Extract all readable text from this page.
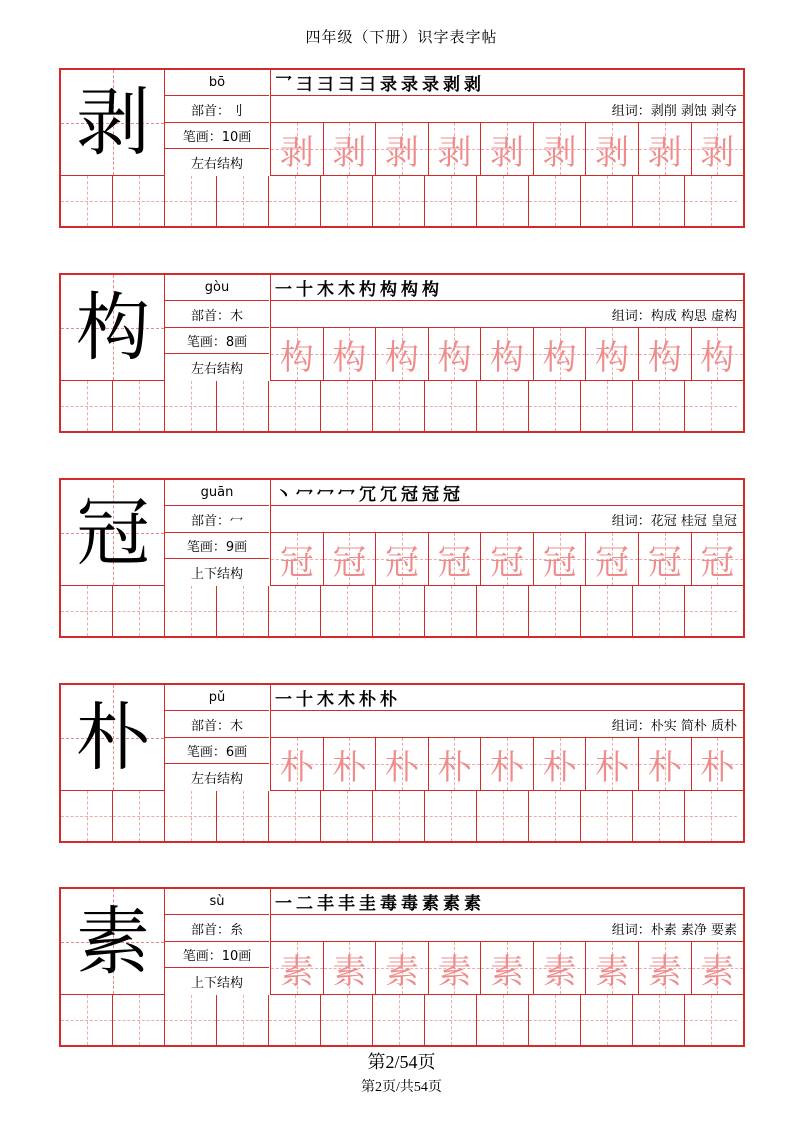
四年级（下册）识字表字帖
剥	bō
部首：刂
笔画：10画
左右结构
乛⺕⺕彐彐录录录剥剥
组词：剥削 剥蚀 剥夺
剥 剥 剥 剥 剥 剥 剥 剥 剥
构	gòu
部首：木
笔画：8画
左右结构
一十木木杓构构构
组词：构成 构思 虚构
构 构 构 构 构 构 构 构 构
冠	guān
部首：冖
笔画：9画
上下结构
丶冖冖冖冗冗冠冠冠
组词：花冠 桂冠 皇冠
冠 冠 冠 冠 冠 冠 冠 冠 冠
朴	pǔ
部首：木
笔画：6画
左右结构
一十木木朴朴
组词：朴实 简朴 质朴
朴 朴 朴 朴 朴 朴 朴 朴 朴
素	sù
部首：糸
笔画：10画
上下结构
一二丰丰圭毒毒素素素
组词：朴素 素净 要素
素 素 素 素 素 素 素 素 素
第2/54页
第2页/共54页
